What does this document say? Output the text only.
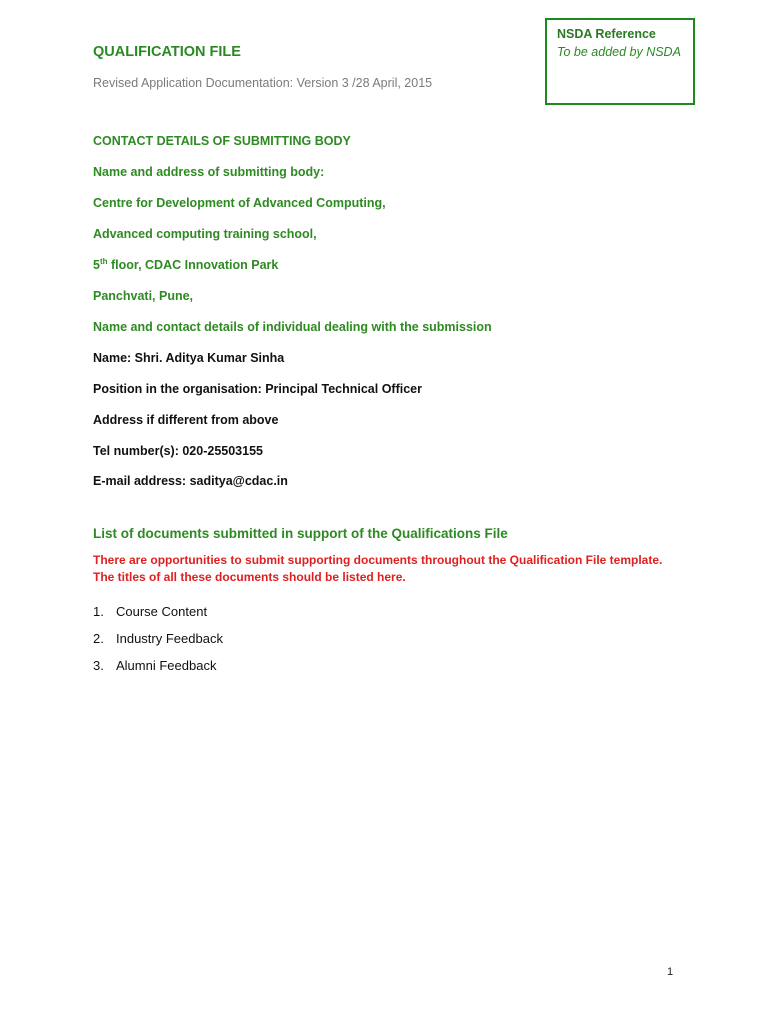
NSDA Reference
To be added by NSDA
QUALIFICATION FILE
Revised Application Documentation: Version 3 /28 April, 2015
CONTACT DETAILS OF SUBMITTING BODY
Name and address of submitting body:
Centre for Development of Advanced Computing,
Advanced computing training school,
5th floor, CDAC Innovation Park
Panchvati, Pune,
Name and contact details of individual dealing with the submission
Name: Shri. Aditya Kumar Sinha
Position in the organisation: Principal Technical Officer
Address if different from above
Tel number(s): 020-25503155
E-mail address: saditya@cdac.in
List of documents submitted in support of the Qualifications File
There are opportunities to submit supporting documents throughout the Qualification File template.
The titles of all these documents should be listed here.
1. Course Content
2. Industry Feedback
3. Alumni Feedback
1
